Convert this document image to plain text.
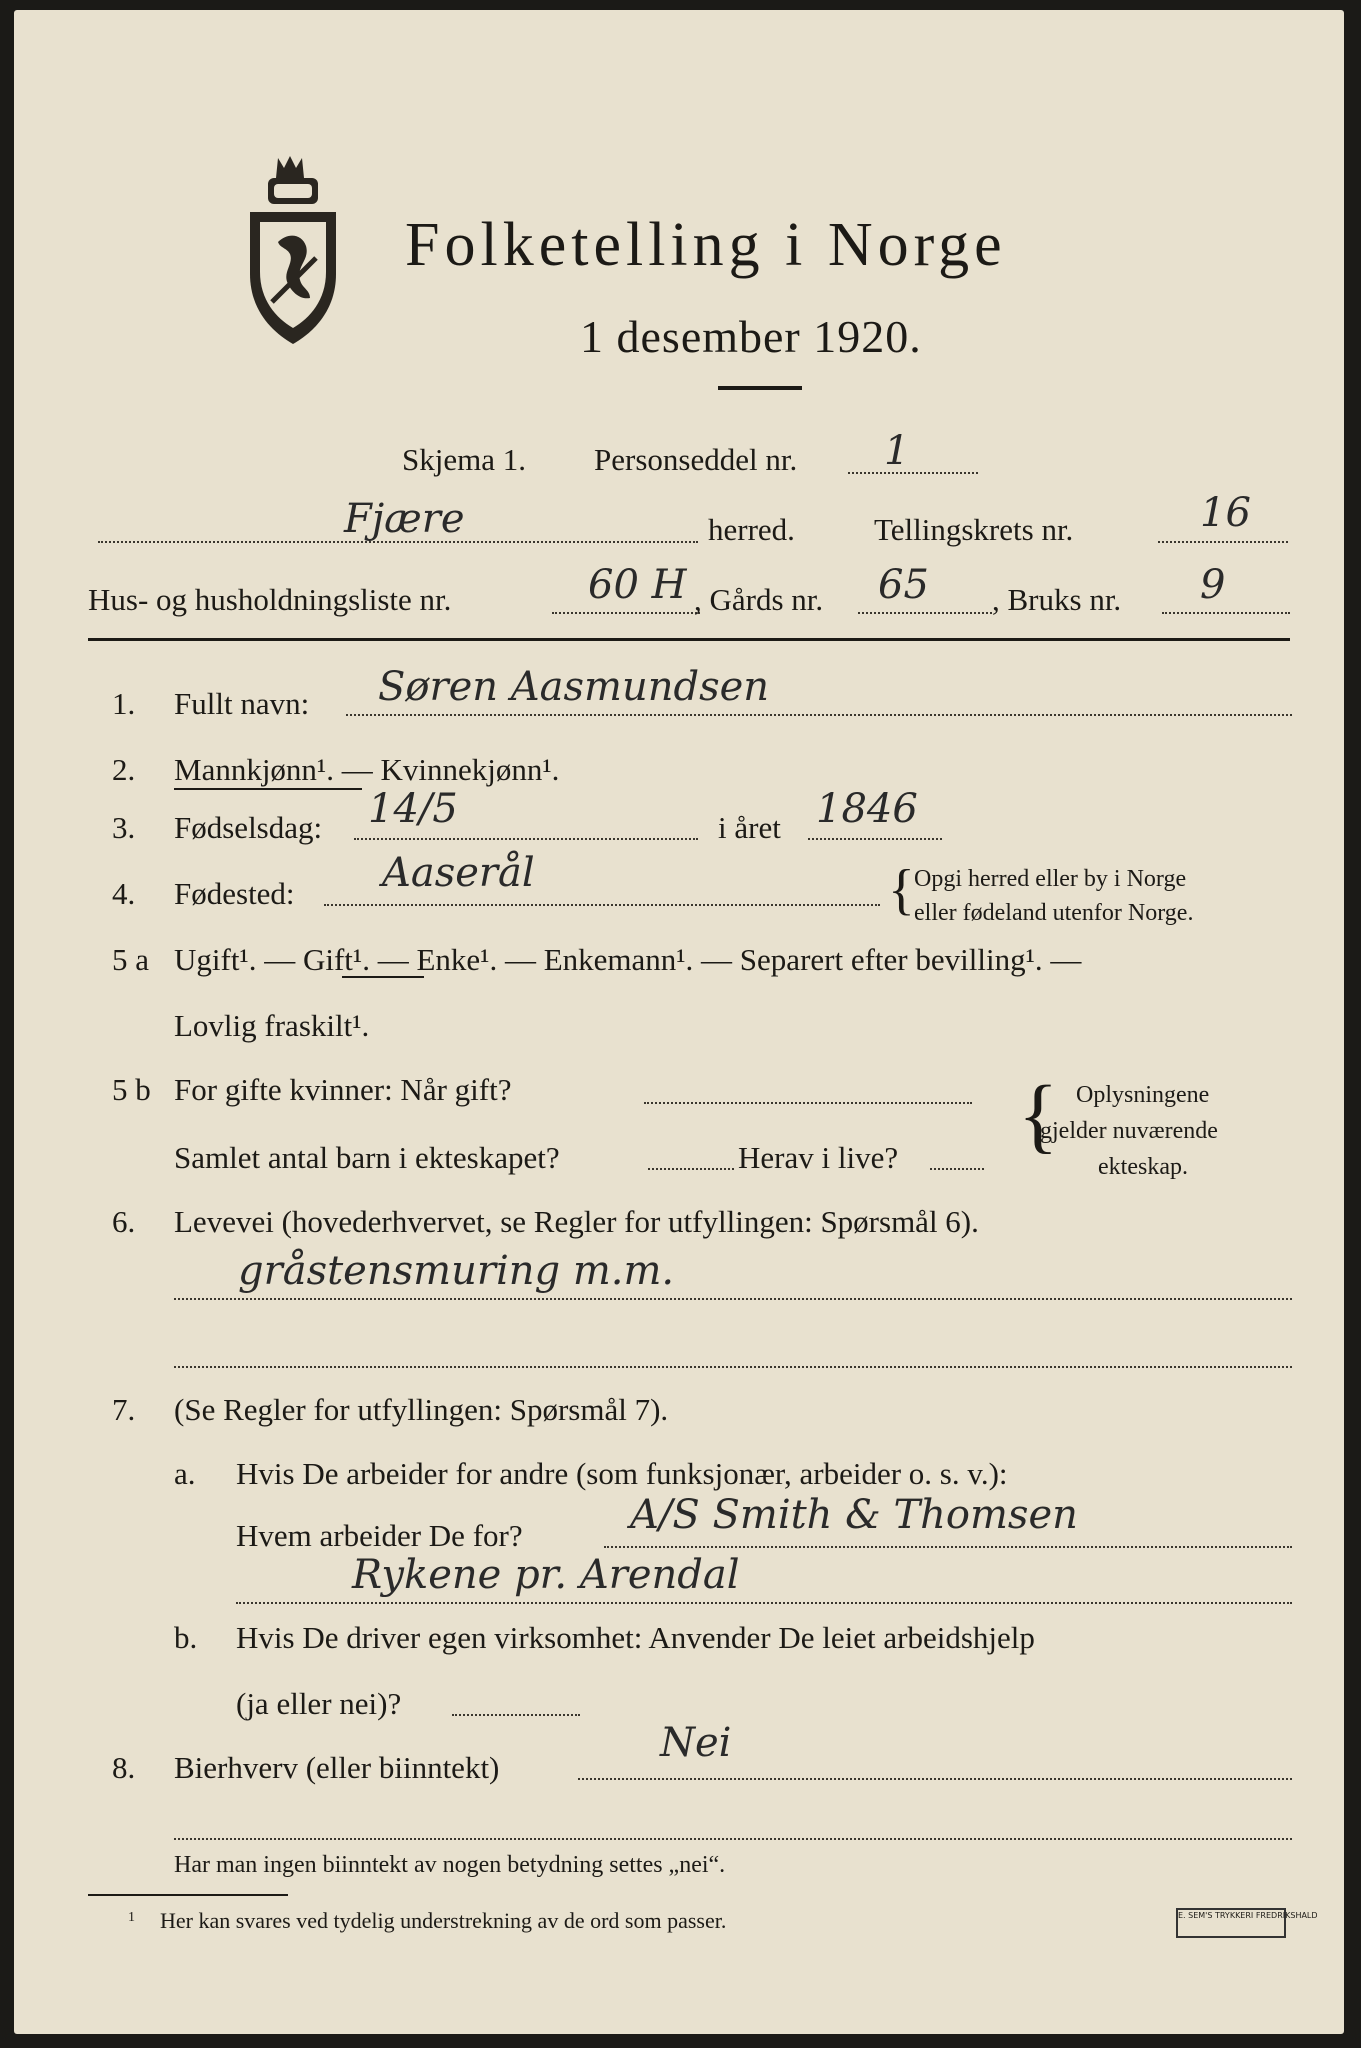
Folketelling i Norge
1 desember 1920.
Skjema 1. Personseddel nr. 1
Fjære	herred.	Tellingskrets nr.	16
Hus- og husholdningsliste nr.	60 H , Gårds nr. 65 , Bruks nr. 9
1. Fullt navn: Søren Aasmundsen
2. Mannkjønn¹. — Kvinnekjønn¹.
3. Fødselsdag: 14/5	i året 1846
4. Fødested: Aaserål	{ Opgi herred eller by i Norge
eller fødeland utenfor Norge.
5 a Ugift¹. — Gift¹. — Enke¹. — Enkemann¹. — Separert efter bevilling¹. —
Lovlig fraskilt¹.
5 b For gifte kvinner: Når gift?
Samlet antal barn i ekteskapet?	Herav i live? { Oplysningene
gjelder nuværende
ekteskap.
6. Levevei (hovederhvervet, se Regler for utfyllingen: Spørsmål 6).
gråstensmuring m.m.
7. (Se Regler for utfyllingen: Spørsmål 7).
a. Hvis De arbeider for andre (som funksjonær, arbeider o. s. v.):
Hvem arbeider De for?	A/S Smith & Thomsen
Rykene pr. Arendal
b. Hvis De driver egen virksomhet: Anvender De leiet arbeidshjelp
(ja eller nei)?
8. Bierhverv (eller biinntekt)
Nei
Har man ingen biinntekt av nogen betydning settes „nei“.
1 Her kan svares ved tydelig understrekning av de ord som passer.	E. SEM'S TRYKKERI FREDRIKSHALD
